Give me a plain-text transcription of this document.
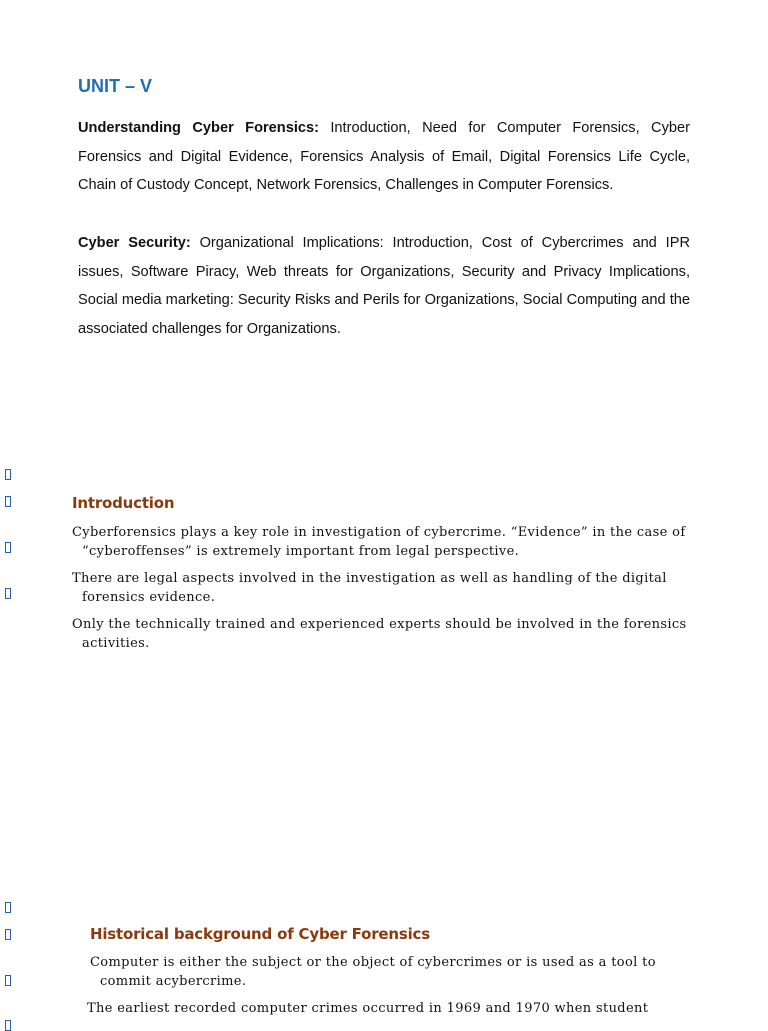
UNIT – V

Understanding Cyber Forensics: Introduction, Need for Computer Forensics, Cyber Forensics and Digital Evidence, Forensics Analysis of Email, Digital Forensics Life Cycle, Chain of Custody Concept, Network Forensics, Challenges in Computer Forensics.

Cyber Security: Organizational Implications: Introduction, Cost of Cybercrimes and IPR issues, Software Piracy, Web threats for Organizations, Security and Privacy Implications, Social media marketing: Security Risks and Perils for Organizations, Social Computing and the associated challenges for Organizations.

Introduction

Cyberforensics plays a key role in investigation of cybercrime. “Evidence” in the case of
“cyberoffenses” is extremely important from legal perspective.

There are legal aspects involved in the investigation as well as handling of the digital
forensics evidence.

Only the technically trained and experienced experts should be involved in the forensics
activities.

Historical background of Cyber Forensics

Computer is either the subject or the object of cybercrimes or is used as a tool to
commit acybercrime.

The earliest recorded computer crimes occurred in 1969 and 1970 when student
